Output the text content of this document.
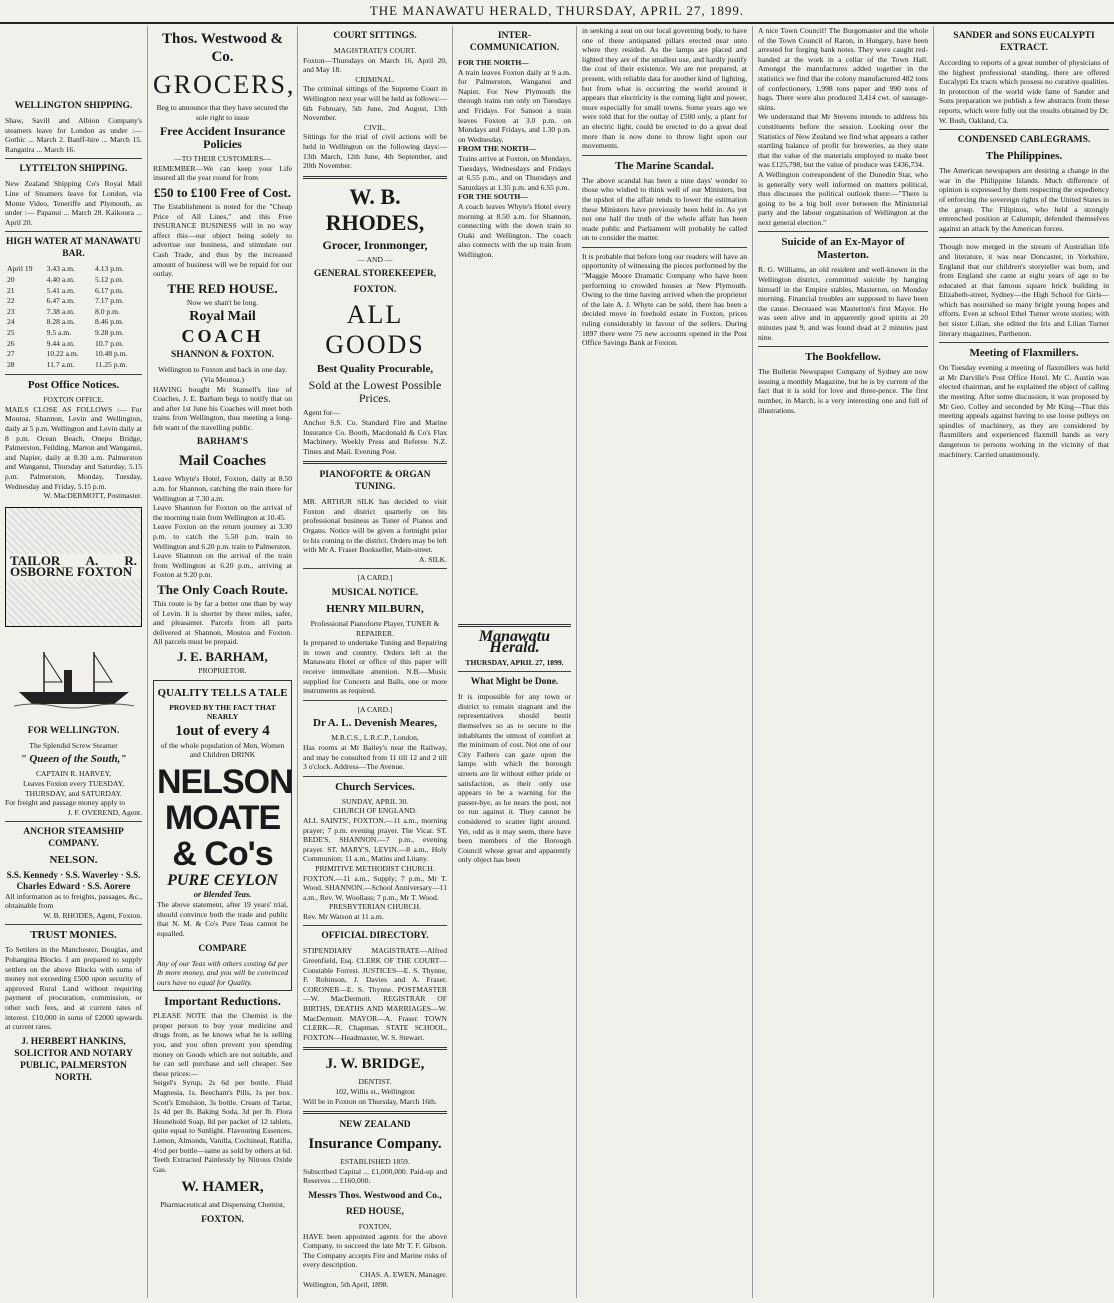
THE MANAWATU HERALD, THURSDAY, APRIL 27, 1899.
WELLINGTON SHIPPING.
Shaw, Savill and Albion Company's steamers leave for London as under :— Gothic ... March 2. Banff-hire ... March 15. Rangatira ... March 16.
LYTTELTON SHIPPING.
New Zealand Shipping Co's Royal Mail Line of Steamers leave for London, via Monte Video, Teneriffe and Plymouth, as under :— Papanui ... March 28. Kaikoura ... April 20.
HIGH WATER AT MANAWATU BAR.
April 19	3.43 a.m.	4.13 p.m.
20	4.40 a.m.	5.12 p.m.
21	5.41 a.m.	6.17 p.m.
22	6.47 a.m.	7.17 p.m.
23	7.38 a.m.	8.0 p.m.
24	8.28 a.m.	8.46 p.m.
25	9.5 a.m.	9.28 p.m.
26	9.44 a.m.	10.7 p.m.
27	10.22 a.m.	10.48 p.m.
28	11.7 a.m.	11.25 p.m.
Post Office Notices.
FOXTON OFFICE.
MAILS CLOSE AS FOLLOWS :— For Moutoa, Shannon, Levin and Wellington, daily at 5 p.m. Wellington and Levin daily at 8 p.m. Ocean Beach, Onepu Bridge, Palmerston, Feilding, Marton and Wanganui, and Napier, daily at 8.30 a.m. Palmerston and Wanganui, Thursday and Saturday, 5.15 p.m. Palmerston, Monday, Tuesday, Wednesday and Friday, 5.15 p.m.
W. MacDERMOTT, Postmaster.
TAILOR A. R. OSBORNE FOXTON
FOR WELLINGTON.
The Splendid Screw Steamer
" Queen of the South,"
CAPTAIN R. HARVEY,
Leaves Foxton every TUESDAY, THURSDAY, and SATURDAY.
For freight and passage money apply to
J. F. OVEREND, Agent.
ANCHOR STEAMSHIP COMPANY.
NELSON.
S.S. Kennedy · S.S. Waverley · S.S. Charles Edward · S.S. Aorere
All information as to freights, passages, &c., obtainable from
W. B. RHODES, Agent, Foxton.
TRUST MONIES.
To Settlers in the Manchester, Douglas, and Pohangina Blocks. I am prepared to supply settlers on the above Blocks with sums of money not exceeding £500 upon security of approved Rural Land without requiring payment of procuration, commission, or other such fees, and at current rates of interest. £10,000 in sums of £2000 upwards at current rates.
J. HERBERT HANKINS, SOLICITOR AND NOTARY PUBLIC, PALMERSTON NORTH.
Thos. Westwood & Co.
GROCERS,
Beg to announce that they have secured the sole right to issue
Free Accident Insurance Policies
—TO THEIR CUSTOMERS—
REMEMBER—We can keep your Life insured all the year round for from
£50 to £100 Free of Cost.
The Establishment is noted for the "Cheap Price of All Lines," and this Free INSURANCE BUSINESS will in no way affect this—our object being solely to advertise our business, and stimulate our Cash Trade, and thus by the increased amount of business will we be repaid for our outlay.
THE RED HOUSE.
Now we shan't be long.
Royal Mail
COACH
SHANNON & FOXTON.
Wellington to Foxton and back in one day. (Via Moutoa.)
HAVING bought Mr Stansell's line of Coaches, J. E. Barham begs to notify that on and after 1st June his Coaches will meet both trains from Wellington, thus meeting a long-felt want of the travelling public.
BARHAM'S
Mail Coaches
Leave Whyte's Hotel, Foxton, daily at 8.50 a.m. for Shannon, catching the train there for Wellington at 7.30 a.m.
Leave Shannon for Foxton on the arrival of the morning train from Wellington at 10.45.
Leave Foxton on the return journey at 3.30 p.m. to catch the 5.50 p.m. train to Wellington and 6.20 p.m. train to Palmerston.
Leave Shannon on the arrival of the train from Wellington at 6.20 p.m., arriving at Foxton at 9.20 p.m.
The Only Coach Route.
This route is by far a better one than by way of Levin. It is shorter by three miles, safer, and pleasanter. Parcels from all parts delivered at Shannon, Moutoa and Foxton. All parcels must be prepaid.
J. E. BARHAM,
PROPRIETOR.
QUALITY TELLS A TALE
PROVED BY THE FACT THAT NEARLY
1out of every 4
of the whole population of Men, Women and Children DRINK
NELSON MOATE & Co's
PURE CEYLON
or Blended Teas.
The above statement, after 19 years' trial, should convince both the trade and public that N. M. & Co's Pure Teas cannot be equalled.
COMPARE
Any of our Teas with others costing 6d per lb more money, and you will be convinced ours have no equal for Quality.
Important Reductions.
PLEASE NOTE that the Chemist is the proper person to buy your medicine and drugs from, as he knows what he is selling you, and you often prevent you spending money on Goods which are not suitable, and he can sell purchase and sell cheaper. See these prices:—
Seigel's Syrup, 2s 6d per bottle. Fluid Magnesia, 1s. Beecham's Pills, 1s per box. Scott's Emulsion, 3s bottle. Cream of Tartar, 1s 4d per lb. Baking Soda, 3d per lb. Flora Household Soap, 8d per packet of 12 tablets, quite equal to Sunlight. Flavouring Essences, Lemon, Almonds, Vanilla, Cochineal, Ratifia, 4½d per bottle—same as sold by others at 6d. Teeth Extracted Painlessly by Nitrous Oxide Gas.
W. HAMER,
Pharmaceutical and Dispensing Chemist,
FOXTON.
COURT SITTINGS.
MAGISTRATE'S COURT.
Foxton—Thursdays on March 16, April 20, and May 18.
CRIMINAL.
The criminal sittings of the Supreme Court in Wellington next year will be held as follows:—6th February, 5th June, 2nd August, 13th November.
CIVIL.
Sittings for the trial of civil actions will be held in Wellington on the following days:—13th March, 12th June, 4th September, and 20th November.
W. B. RHODES,
Grocer, Ironmonger,
— AND —
GENERAL STOREKEEPER,
FOXTON.
ALL GOODS
Best Quality Procurable,
Sold at the Lowest Possible Prices.
Agent for—
Anchor S.S. Co. Standard Fire and Marine Insurance Co. Booth, Macdonald & Co's Flax Machinery. Weekly Press and Referee. N.Z. Times and Mail. Evening Post.
PIANOFORTE & ORGAN TUNING.
MR. ARTHUR SILK has decided to visit Foxton and district quarterly on his professional business as Tuner of Pianos and Organs. Notice will be given a fortnight prior to his coming to the district. Orders may be left with Mr A. Fraser Bookseller, Main-street.
A. SILK.
[A CARD.]
MUSICAL NOTICE.
HENRY MILBURN,
Professional Pianoforte Player, TUNER & REPAIRER.
Is prepared to undertake Tuning and Repairing in town and country. Orders left at the Manawatu Hotel or office of this paper will receive immediate attention. N.B.—Music supplied for Concerts and Balls, one or more instruments as required.
[A CARD.]
Dr A. L. Devenish Meares,
M.R.C.S., L.R.C.P., London,
Has rooms at Mr Bailey's near the Railway, and may be consulted from 11 till 12 and 2 till 3 o'clock. Address—The Avenue.
Church Services.
SUNDAY, APRIL 30.
CHURCH OF ENGLAND.
ALL SAINTS', FOXTON.—11 a.m., morning prayer; 7 p.m. evening prayer. The Vicar. ST. BEDE'S, SHANNON.—7 p.m., evening prayer. ST. MARY'S, LEVIN.—8 a.m., Holy Communion; 11 a.m., Matins and Litany.
PRIMITIVE METHODIST CHURCH.
FOXTON.—11 a.m., Supply; 7 p.m., Mr T. Wood. SHANNON.—School Anniversary—11 a.m., Rev. W. Woollass; 7 p.m., Mr T. Wood.
PRESBYTERIAN CHURCH.
Rev. Mr Watson at 11 a.m.
OFFICIAL DIRECTORY.
STIPENDIARY MAGISTRATE—Alfred Greenfield, Esq. CLERK OF THE COURT—Constable Forrest. JUSTICES—E. S. Thynne, F. Robinson, J. Davies and A. Fraser. CORONER—E. S. Thynne. POSTMASTER—W. MacDermott. REGISTRAR OF BIRTHS, DEATHS AND MARRIAGES—W. MacDermott. MAYOR—A. Fraser. TOWN CLERK—R. Chapman. STATE SCHOOL, FOXTON—Headmaster, W. S. Stewart.
J. W. BRIDGE,
DENTIST.
102, Willis st., Wellington
Will be in Foxton on Thursday, March 16th.
NEW ZEALAND
Insurance Company.
ESTABLISHED 1859.
Subscribed Capital ... £1,000,000. Paid-up and Reserves ... £160,000.
Messrs Thos. Westwood and Co.,
RED HOUSE,
FOXTON,
HAVE been appointed agents for the above Company, to succeed the late Mr T. F. Gibson. The Company accepts Fire and Marine risks of every description.
CHAS. A. EWEN, Manager.
Wellington, 5th April, 1898.
INTER-COMMUNICATION.
FOR THE NORTH—
A train leaves Foxton daily at 9 a.m. for Palmerston, Wanganui and Napier. For New Plymouth the through trains run only on Tuesdays and Fridays. For Sanson a train leaves Foxton at 3.0 p.m. on Mondays and Fridays, and 1.30 p.m. on Wednesday.
FROM THE NORTH—
Trains arrive at Foxton, on Mondays, Tuesdays, Wednesdays and Fridays at 6.55 p.m., and on Thursdays and Saturdays at 1.35 p.m. and 6.55 p.m.
FOR THE SOUTH—
A coach leaves Whyte's Hotel every morning at 8.50 a.m. for Shannon, connecting with the down train to Otaki and Wellington. The coach also connects with the up train from Wellington.
Manawatu Herald.
THURSDAY, APRIL 27, 1899.
What Might be Done.
It is impossible for any town or district to remain stagnant and the representatives should bestir themselves so as to secure to the inhabitants the utmost of comfort at the minimum of cost. Not one of our City Fathers can gaze upon the lamps with which the borough streets are lit without either pride or satisfaction, as their only use appears to be a warning for the passer-bye, as he nears the post, not to run against it. They cannot be considered to scatter light around. Yet, odd as it may seem, there have been members of the Borough Council whose great and apparently only object has been
in seeking a seat on our local governing body, to have one of these antiquated pillars erected near unto where they resided. As the lamps are placed and lighted they are of the smallest use, and hardly justify the cost of their existence. We are not prepared, at present, with reliable data for another kind of lighting, but from what is occurring the world around it appears that electricity is the coming light and power, more especially for small towns. Some years ago we were told that for the outlay of £500 only, a plant for an electric light, could be erected to do a great deal more than is now done to throw light upon our movements.
The Marine Scandal.
The above scandal has been a nine days' wonder to those who wished to think well of our Ministers, but the upshot of the affair tends to lower the estimation these Ministers have previously been held in. As yet not one half the truth of the whole affair has been made public and Parliament will probably be called on to consider the matter.
It is probable that before long our readers will have an opportunity of witnessing the pieces performed by the "Maggie Moore Dramatic Company who have been performing to crowded houses at New Plymouth. Owing to the time having arrived when the proprietor of the late A. J. Whyte can be sold, there has been a decided move in freehold estate in Foxton, prices ruling considerably in favour of the sellers. During 1897 there were 75 new accounts opened in the Post Office Savings Bank at Foxton.
A nice Town Council! The Burgomaster and the whole of the Town Council of Raron, in Hungary, have been arrested for forging bank notes. They were caught red-handed at the work in a cellar of the Town Hall. Amongst the manufactures added together in the statistics we find that the colony manufactured 482 tons of confectionery, 1,998 tons paper and 990 tons of bags. There were also produced 3,414 cwt. of sausage-skins.
We understand that Mr Stevens intends to address his constituents before the session. Looking over the Statistics of New Zealand we find what appears a rather startling balance of profit for breweries, as they state that the value of the materials employed to make beer was £125,798, but the value of produce was £436,734.
A Wellington correspondent of the Dunedin Star, who is generally very well informed on matters political, thus discusses the political outlook there:—"There is going to be a big boll over between the Ministerial party and the labour organisation of Wellington at the next general election."
Suicide of an Ex-Mayor of Masterton.
R. G. Williams, an old resident and well-known in the Wellington district, committed suicide by hanging himself in the Empire stables, Masterton, on Monday morning. Financial troubles are supposed to have been the cause. Deceased was Masterton's first Mayor. He was seen alive and in apparently good spirits at 20 minutes past 9, and was found dead at 2 minutes past nine.
The Bookfellow.
The Bulletin Newspaper Company of Sydney are now issuing a monthly Magazine, but he is by current of the fact that it is sold for love and three-pence. The first number, in March, is a very interesting one and full of illustrations.
SANDER and SONS EUCALYPTI EXTRACT.
According to reports of a great number of physicians of the highest professional standing, there are offered Eucalypti Ex tracts which possess no curative qualities. In protection of the world wide fame of Sander and Sons preparation we publish a few abstracts from these reports, which were fully out the results obtained by Dr. W. Bush, Oakland, Ca.
CONDENSED CABLEGRAMS.
The Philippines.
The American newspapers are desiring a change in the war in the Philippine Islands. Much difference of opinion is expressed by them respecting the expediency of enforcing the sovereign rights of the United States in the group. The Filipinos, who held a strongly entrenched position at Calumpit, defended themselves against an attack by the American forces.
Though now merged in the stream of Australian life and literature, it was near Doncaster, in Yorkshire, England that our children's storyteller was born, and from England she came at eight years of age to be educated at that famous square brick building in Elizabeth-street, Sydney—the High School for Girls—which has nourished so many bright young hopes and efforts. Even at school Ethel Turner wrote stories; with her sister Lilian, she edited the Iris and Lilian Turner literary magazines, Parthenon.
Meeting of Flaxmillers.
On Tuesday evening a meeting of flaxmillers was held at Mr Darville's Post Office Hotel. Mr C. Austin was elected chairman, and he explained the object of calling the meeting. After some discussion, it was proposed by Mr Geo. Colley and seconded by Mr King—That this meeting appeals against having to use loose pulleys on spindles of machinery, as they are considered by flaxmillers and experienced flaxmill hands as very dangerous to persons working in the vicinity of that machinery. Carried unanimously.
